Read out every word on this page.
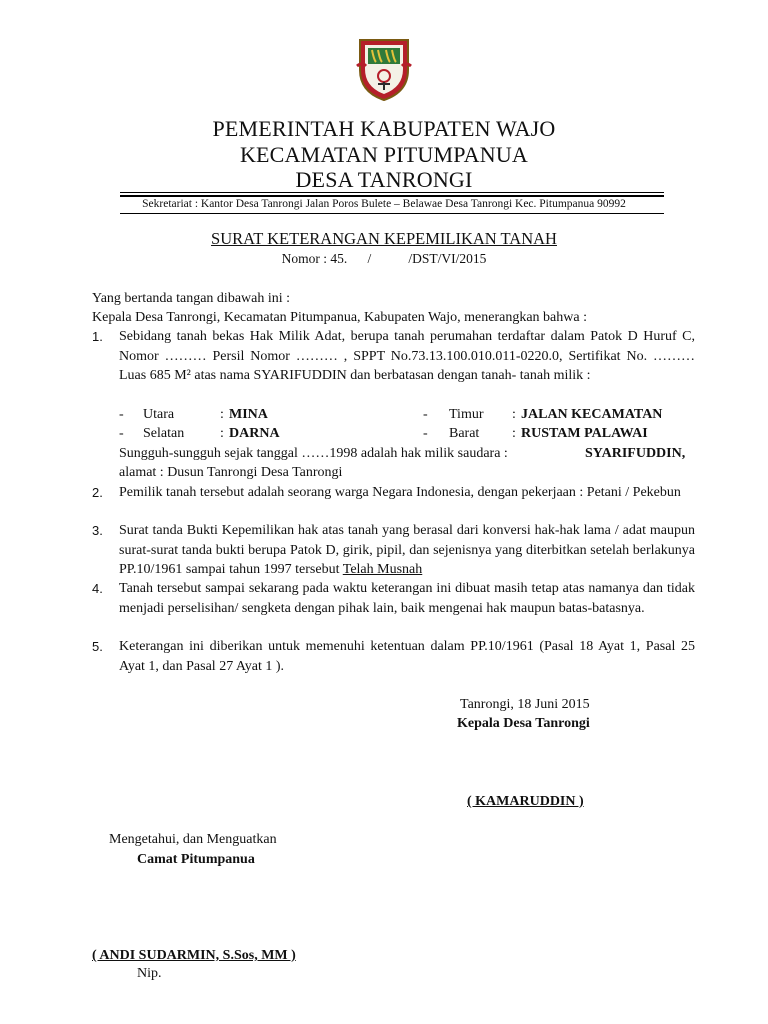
PEMERINTAH KABUPATEN WAJO
KECAMATAN PITUMPANUA
DESA TANRONGI
Sekretariat : Kantor Desa Tanrongi Jalan Poros Bulete – Belawae Desa Tanrongi Kec. Pitumpanua 90992
SURAT KETERANGAN KEPEMILIKAN TANAH
Nomor : 45.      /           /DST/VI/2015
Yang bertanda tangan dibawah ini :
Kepala Desa Tanrongi, Kecamatan Pitumpanua, Kabupaten Wajo, menerangkan bahwa :
1. Sebidang tanah bekas Hak Milik Adat, berupa tanah perumahan terdaftar dalam Patok D Huruf C, Nomor ……… Persil Nomor ……… , SPPT No.73.13.100.010.011-0220.0, Sertifikat No. ……… Luas 685 M² atas nama SYARIFUDDIN dan berbatasan dengan tanah- tanah milik :
- Utara	: MINA	- Timur : JALAN KECAMATAN
- Selatan	: DARNA	- Barat : RUSTAM PALAWAI
Sungguh-sungguh sejak tanggal ……1998 adalah hak milik saudara :	SYARIFUDDIN,
alamat : Dusun Tanrongi Desa Tanrongi
2. Pemilik tanah tersebut adalah seorang warga Negara Indonesia, dengan pekerjaan : Petani / Pekebun
3. Surat tanda Bukti Kepemilikan hak atas tanah yang berasal dari konversi hak-hak lama / adat maupun surat-surat tanda bukti berupa Patok D, girik, pipil, dan sejenisnya yang diterbitkan setelah berlakunya PP.10/1961 sampai tahun 1997 tersebut Telah Musnah
4. Tanah tersebut sampai sekarang pada waktu keterangan ini dibuat masih tetap atas namanya dan tidak menjadi perselisihan/ sengketa dengan pihak lain, baik mengenai hak maupun batas-batasnya.
5. Keterangan ini diberikan untuk memenuhi ketentuan dalam PP.10/1961 (Pasal 18 Ayat 1, Pasal 25 Ayat 1, dan Pasal 27 Ayat 1 ).
Tanrongi, 18 Juni 2015
Kepala Desa Tanrongi
( KAMARUDDIN )
Mengetahui, dan Menguatkan
Camat Pitumpanua
( ANDI SUDARMIN, S.Sos, MM )
Nip.
